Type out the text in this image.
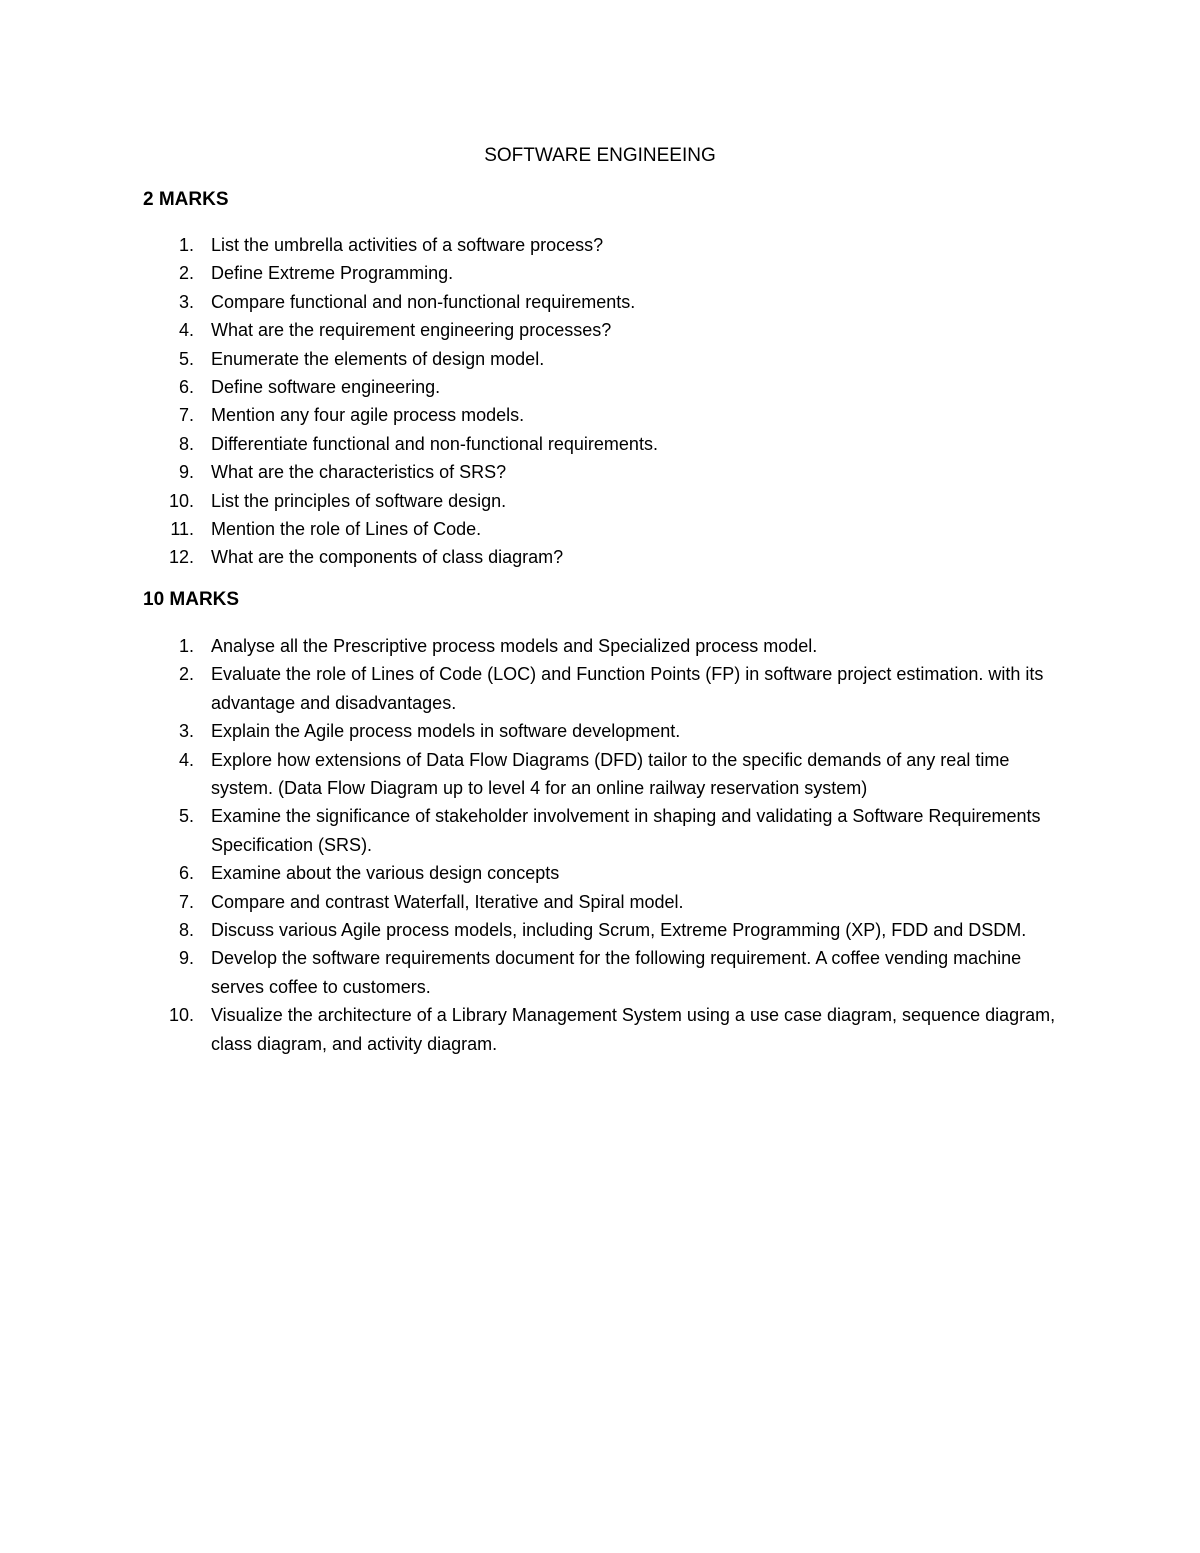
SOFTWARE ENGINEEING
2 MARKS
1. List the umbrella activities of a software process?
2. Define Extreme Programming.
3. Compare functional and non-functional requirements.
4. What are the requirement engineering processes?
5. Enumerate the elements of design model.
6. Define software engineering.
7. Mention any four agile process models.
8. Differentiate functional and non-functional requirements.
9. What are the characteristics of SRS?
10. List the principles of software design.
11. Mention the role of Lines of Code.
12. What are the components of class diagram?
10 MARKS
1. Analyse all the Prescriptive process models and Specialized process model.
2. Evaluate the role of Lines of Code (LOC) and Function Points (FP) in software project estimation. with its advantage and disadvantages.
3. Explain the Agile process models in software development.
4. Explore how extensions of Data Flow Diagrams (DFD) tailor to the specific demands of any real time system. (Data Flow Diagram up to level 4 for an online railway reservation system)
5. Examine the significance of stakeholder involvement in shaping and validating a Software Requirements Specification (SRS).
6. Examine about the various design concepts
7. Compare and contrast Waterfall, Iterative and Spiral model.
8. Discuss various Agile process models, including Scrum, Extreme Programming (XP), FDD and DSDM.
9. Develop the software requirements document for the following requirement. A coffee vending machine serves coffee to customers.
10. Visualize the architecture of a Library Management System using a use case diagram, sequence diagram, class diagram, and activity diagram.
